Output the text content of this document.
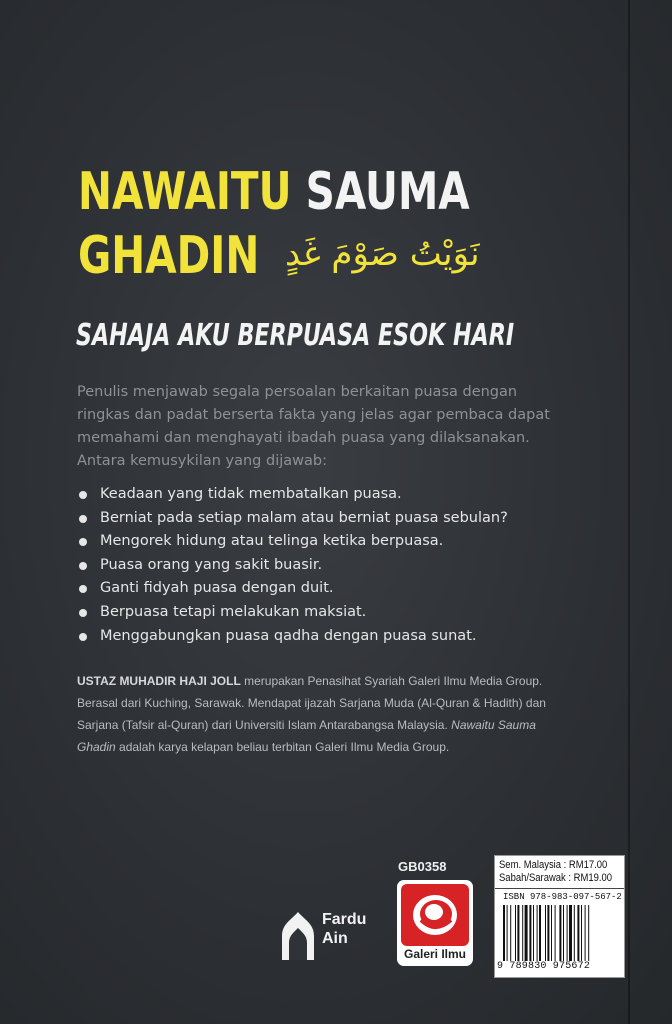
NAWAITU SAUMA
GHADIN نَوَيْتُ صَوْمَ غَدٍ
SAHAJA AKU BERPUASA ESOK HARI

Penulis menjawab segala persoalan berkaitan puasa dengan

ringkas dan padat berserta fakta yang jelas agar pembaca dapat

memahami dan menghayati ibadah puasa yang dilaksanakan.

Antara kemusykilan yang dijawab:

Keadaan yang tidak membatalkan puasa.
Berniat pada setiap malam atau berniat puasa sebulan?
Mengorek hidung atau telinga ketika berpuasa.
Puasa orang yang sakit buasir.
Ganti fidyah puasa dengan duit.
Berpuasa tetapi melakukan maksiat.
Menggabungkan puasa qadha dengan puasa sunat.

USTAZ MUHADIR HAJI JOLL merupakan Penasihat Syariah Galeri Ilmu Media Group.

Berasal dari Kuching, Sarawak. Mendapat ijazah Sarjana Muda (Al-Quran & Hadith) dan

Sarjana (Tafsir al-Quran) dari Universiti Islam Antarabangsa Malaysia. Nawaitu Sauma

Ghadin adalah karya kelapan beliau terbitan Galeri Ilmu Media Group.

Fardu
Ain
GB0358
Galeri Ilmu
Sem. Malaysia : RM17.00
Sabah/Sarawak : RM19.00
ISBN 978-983-097-567-2
9 789830 975672
